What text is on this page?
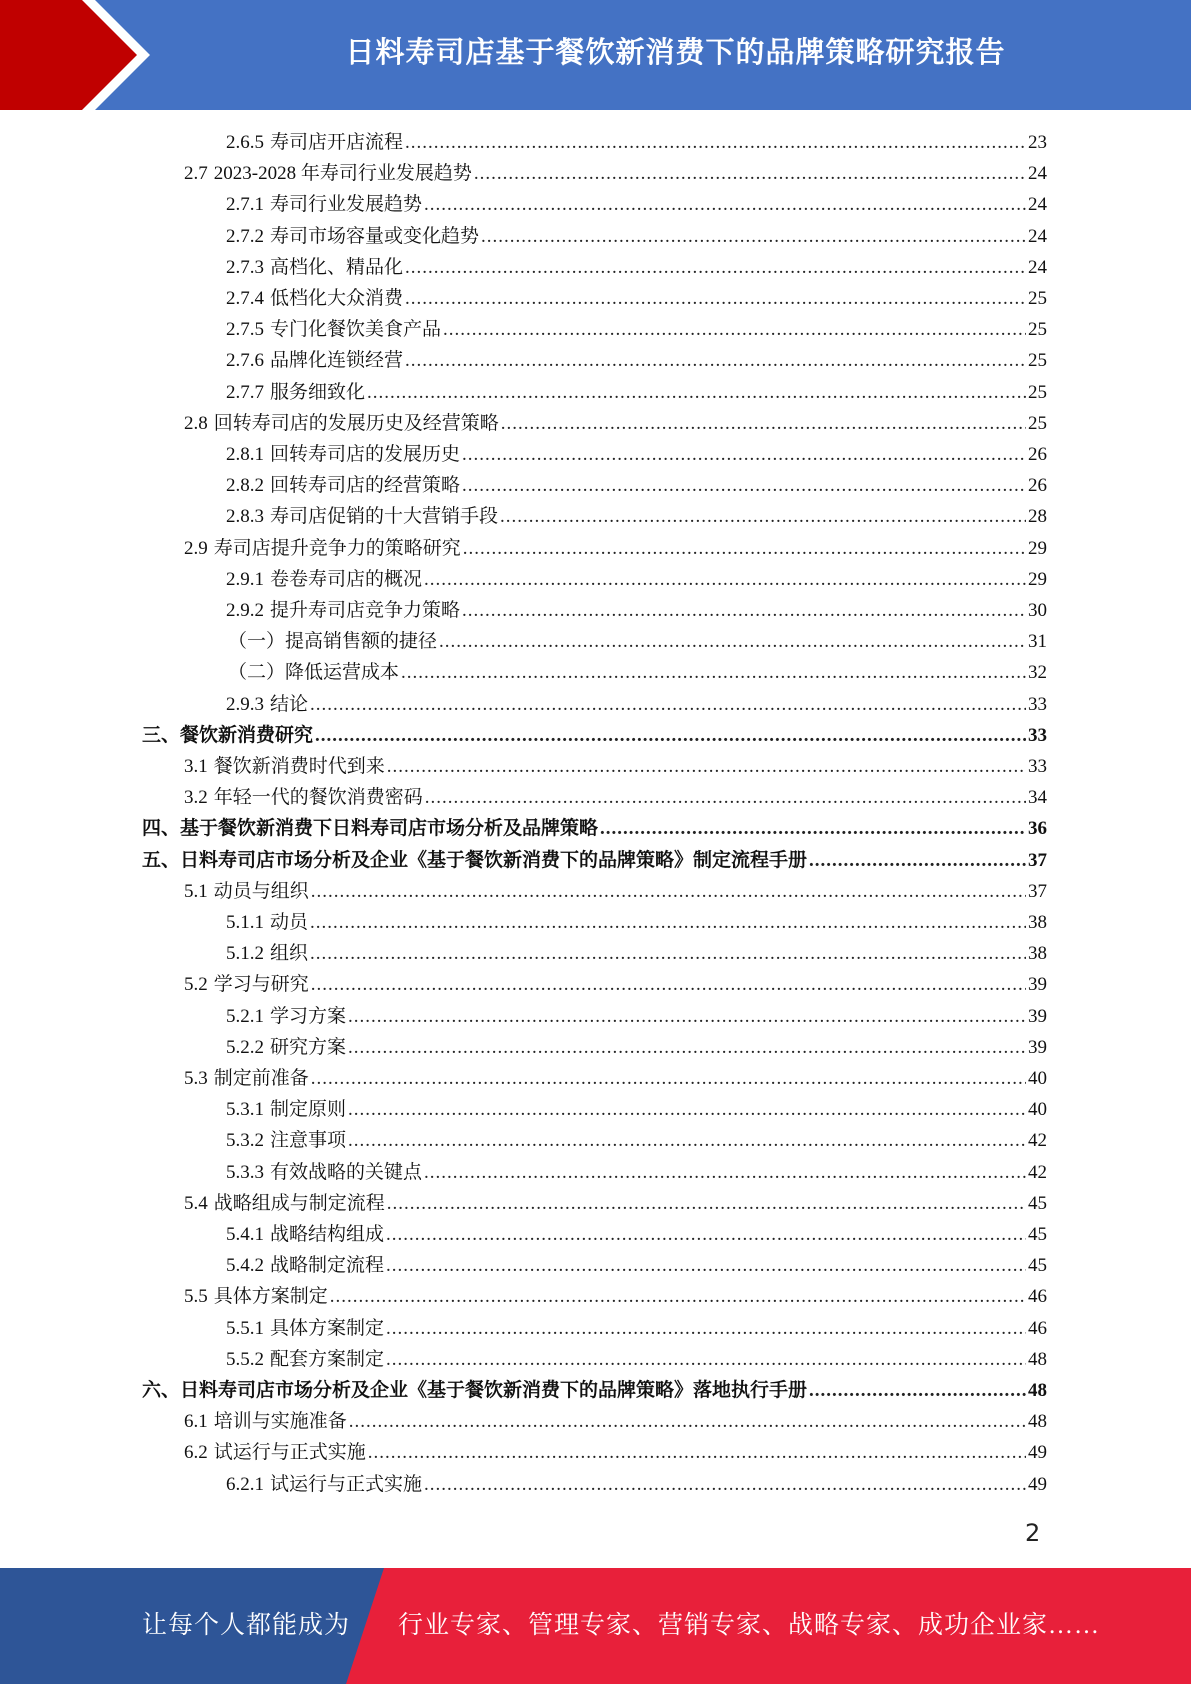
日料寿司店基于餐饮新消费下的品牌策略研究报告
2.6.5 寿司店开店流程 .....	23
2.7 2023-2028 年寿司行业发展趋势 .....	24
2.7.1 寿司行业发展趋势 .....	24
2.7.2 寿司市场容量或变化趋势 .....	24
2.7.3 高档化、精品化 .....	24
2.7.4 低档化大众消费 .....	25
2.7.5 专门化餐饮美食产品 .....	25
2.7.6 品牌化连锁经营 .....	25
2.7.7 服务细致化 .....	25
2.8 回转寿司店的发展历史及经营策略 .....	25
2.8.1 回转寿司店的发展历史 .....	26
2.8.2 回转寿司店的经营策略 .....	26
2.8.3 寿司店促销的十大营销手段 .....	28
2.9 寿司店提升竞争力的策略研究 .....	29
2.9.1 卷卷寿司店的概况 .....	29
2.9.2 提升寿司店竞争力策略 .....	30
（一）提高销售额的捷径 .....	31
（二）降低运营成本 .....	32
2.9.3 结论 .....	33
三、餐饮新消费研究 .....	33
3.1 餐饮新消费时代到来 .....	33
3.2 年轻一代的餐饮消费密码 .....	34
四、基于餐饮新消费下日料寿司店市场分析及品牌策略 .....	36
五、日料寿司店市场分析及企业《基于餐饮新消费下的品牌策略》制定流程手册 .....	37
5.1 动员与组织 .....	37
5.1.1 动员 .....	38
5.1.2 组织 .....	38
5.2 学习与研究 .....	39
5.2.1 学习方案 .....	39
5.2.2 研究方案 .....	39
5.3 制定前准备 .....	40
5.3.1 制定原则 .....	40
5.3.2 注意事项 .....	42
5.3.3 有效战略的关键点 .....	42
5.4 战略组成与制定流程 .....	45
5.4.1 战略结构组成 .....	45
5.4.2 战略制定流程 .....	45
5.5 具体方案制定 .....	46
5.5.1 具体方案制定 .....	46
5.5.2 配套方案制定 .....	48
六、日料寿司店市场分析及企业《基于餐饮新消费下的品牌策略》落地执行手册 .....	48
6.1 培训与实施准备 .....	48
6.2 试运行与正式实施 .....	49
6.2.1 试运行与正式实施 .....	49
2
让每个人都能成为 行业专家、管理专家、营销专家、战略专家、成功企业家……
